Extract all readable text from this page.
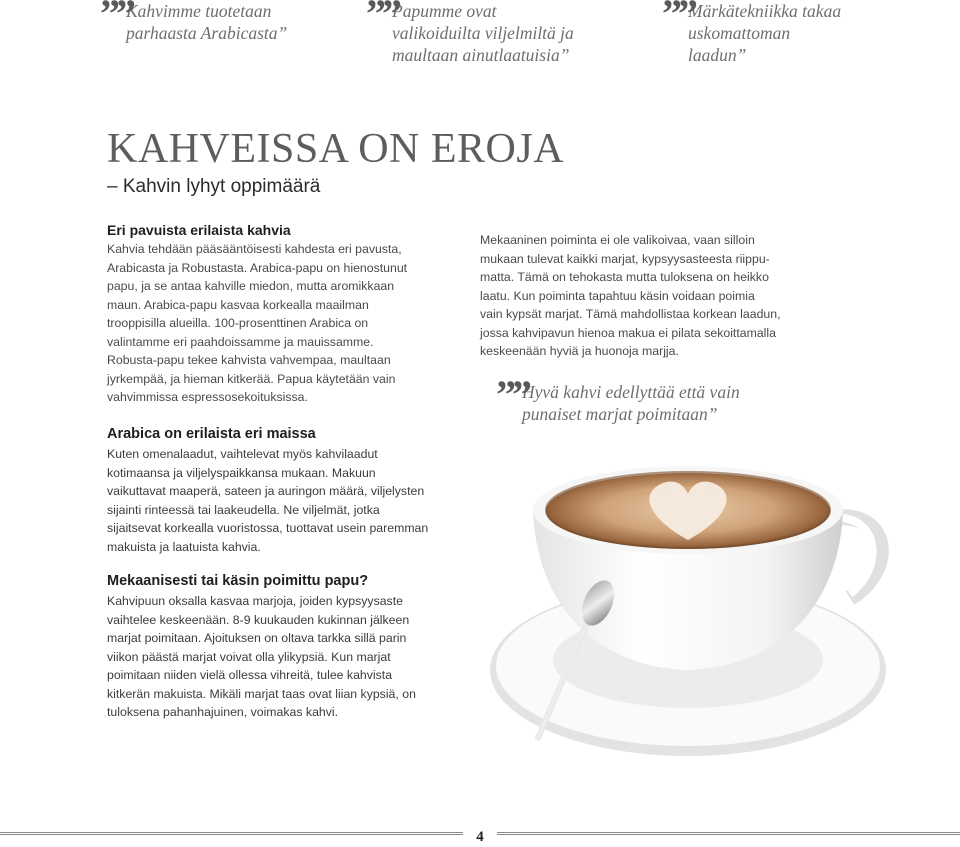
””
Kahvimme tuotetaan
parhaasta Arabicasta”	””
Papumme ovat
valikoiduilta viljelmiltä ja
maultaan ainutlaatuisia”
””
Märkätekniikka takaa
uskomattoman
laadun”
KAHVEISSA ON EROJA
– Kahvin lyhyt oppimäärä
Eri pavuista erilaista kahvia
Kahvia tehdään pääsääntöisesti kahdesta eri pavusta,
Arabicasta ja Robustasta. Arabica-papu on hienostunut
papu, ja se antaa kahville miedon, mutta aromikkaan
maun. Arabica-papu kasvaa korkealla maailman
trooppisilla alueilla. 100-prosenttinen Arabica on
valintamme eri paahdoissamme ja mauissamme.
Robusta-papu tekee kahvista vahvempaa, maultaan
jyrkempää, ja hieman kitkerää. Papua käytetään vain
vahvimmissa espressosekoituksissa.
Arabica on erilaista eri maissa
Kuten omenalaadut, vaihtelevat myös kahvilaadut
kotimaansa ja viljelyspaikkansa mukaan. Makuun
vaikuttavat maaperä, sateen ja auringon määrä, viljelysten
sijainti rinteessä tai laakeudella. Ne viljelmät, jotka
sijaitsevat korkealla vuoristossa, tuottavat usein paremman
makuista ja laatuista kahvia.
Mekaanisesti tai käsin poimittu papu?
Kahvipuun oksalla kasvaa marjoja, joiden kypsyysaste
vaihtelee keskeenään. 8-9 kuukauden kukinnan jälkeen
marjat poimitaan. Ajoituksen on oltava tarkka sillä parin
viikon päästä marjat voivat olla ylikypsiä. Kun marjat
poimitaan niiden vielä ollessa vihreitä, tulee kahvista
kitkerän makuista. Mikäli marjat taas ovat liian kypsiä, on
tuloksena pahanhajuinen, voimakas kahvi.
Mekaaninen poiminta ei ole valikoivaa, vaan silloin
mukaan tulevat kaikki marjat, kypsyysasteesta riippu-
matta. Tämä on tehokasta mutta tuloksena on heikko
laatu. Kun poiminta tapahtuu käsin voidaan poimia
vain kypsät marjat. Tämä mahdollistaa korkean laadun,
jossa kahvipavun hienoa makua ei pilata sekoittamalla
keskeenään hyviä ja huonoja marjja.
””
Hyvä kahvi edellyttää että vain
punaiset marjat poimitaan”
4
